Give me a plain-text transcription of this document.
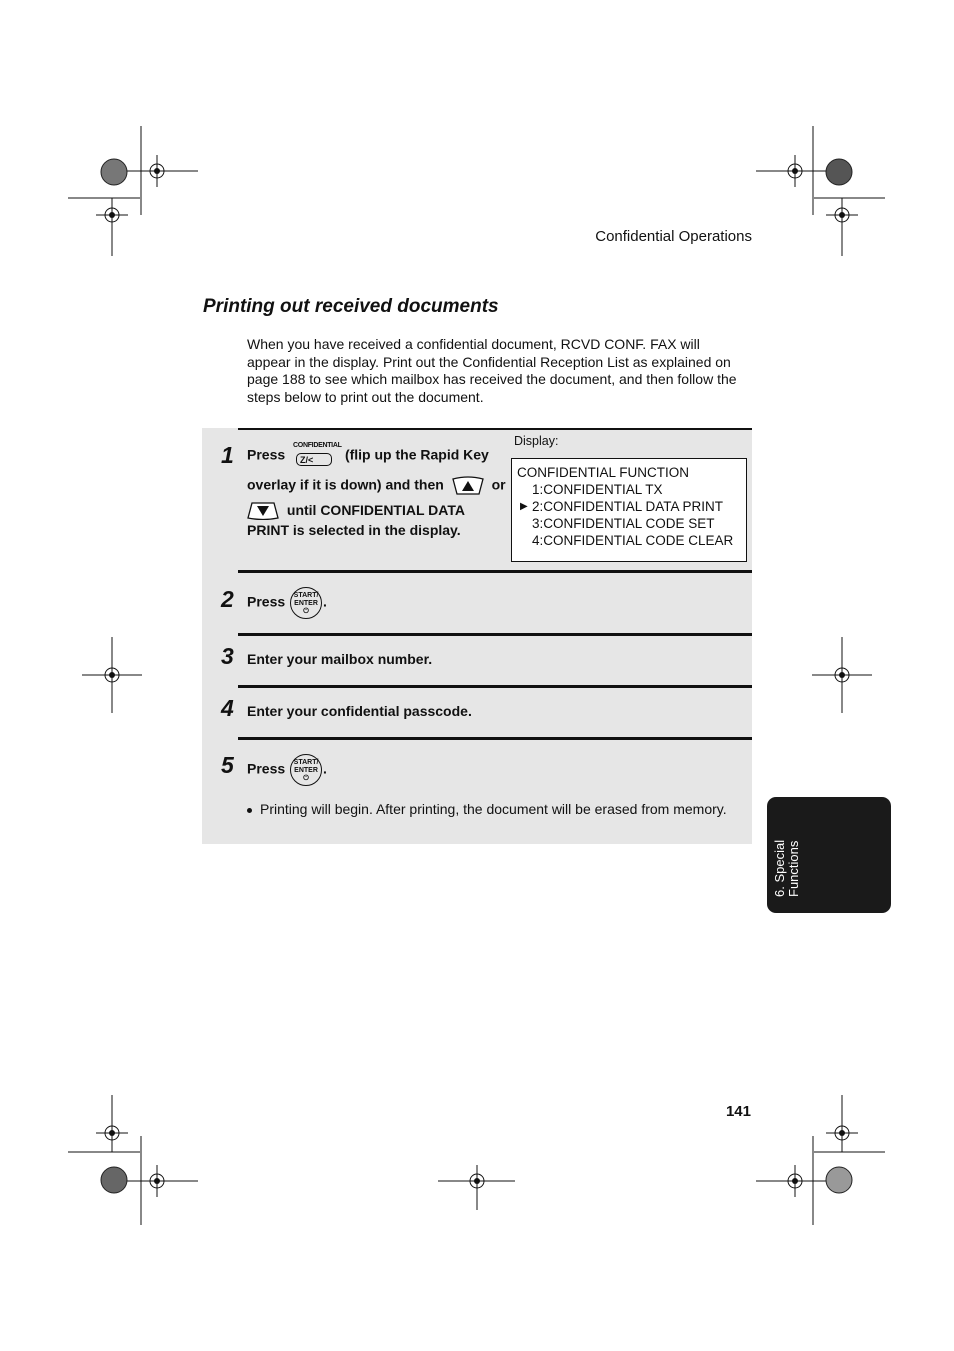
Confidential Operations
Printing out received documents
When you have received a confidential document, RCVD CONF. FAX will appear in the display. Print out the Confidential Reception List as explained on page 188 to see which mailbox has received the document, and then follow the steps below to print out the document.
1 Press
CONFIDENTIAL
Z/<	(flip up the Rapid Key
overlay if it is down) and then	or
until CONFIDENTIAL DATA
PRINT is selected in the display.
Display:
CONFIDENTIAL FUNCTION
1:CONFIDENTIAL TX
▶ 2:CONFIDENTIAL DATA PRINT
3:CONFIDENTIAL CODE SET
4:CONFIDENTIAL CODE CLEAR
2 Press START/
ENTER
⏻.
3 Enter your mailbox number.
4 Enter your confidential passcode.
5 Press START/
ENTER
⏻.
Printing will begin. After printing, the document will be erased from memory.
6. Special Functions
141
